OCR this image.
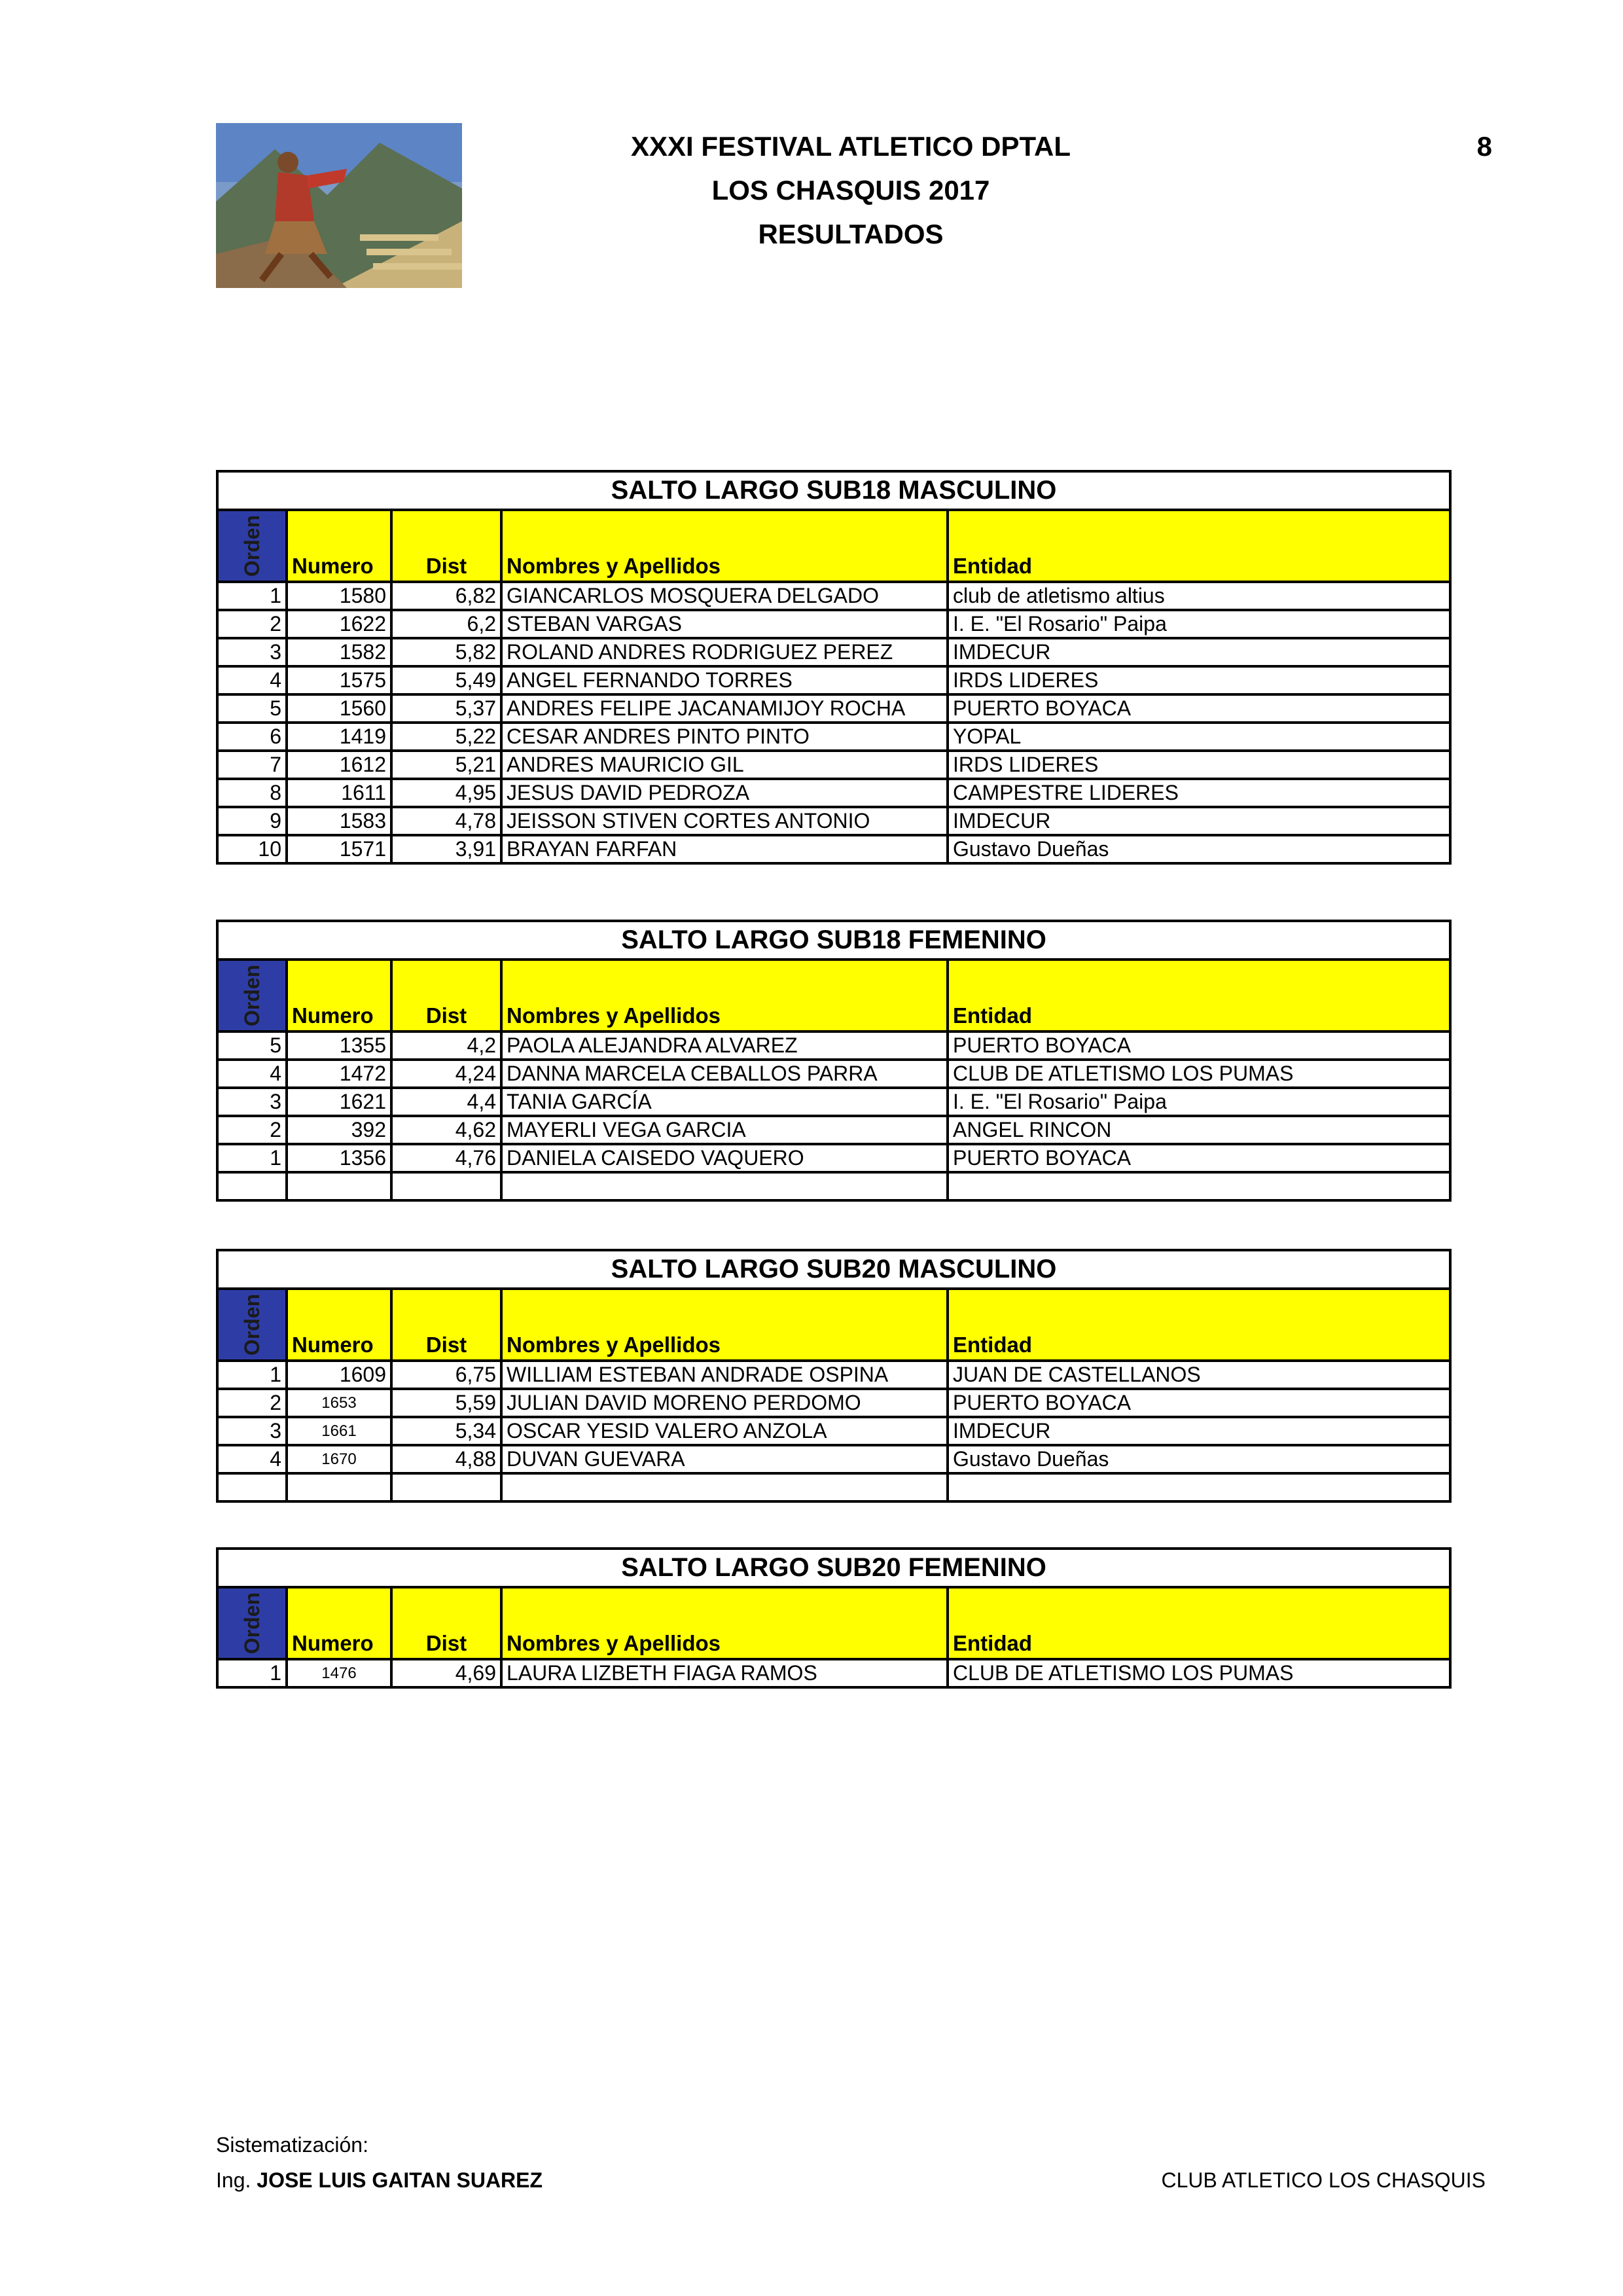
XXXI FESTIVAL ATLETICO DPTAL
LOS CHASQUIS 2017
RESULTADOS
8
SALTO LARGO SUB18 MASCULINO				
Orden	Numero	Dist	Nombres y Apellidos	Entidad
1	1580	6,82	GIANCARLOS MOSQUERA DELGADO	club de atletismo altius
2	1622	6,2	STEBAN VARGAS	I. E. "El Rosario" Paipa
3	1582	5,82	ROLAND ANDRES RODRIGUEZ PEREZ	IMDECUR
4	1575	5,49	ANGEL FERNANDO TORRES	IRDS LIDERES
5	1560	5,37	ANDRES FELIPE JACANAMIJOY ROCHA	PUERTO BOYACA
6	1419	5,22	CESAR ANDRES PINTO PINTO	YOPAL
7	1612	5,21	ANDRES MAURICIO GIL	IRDS LIDERES
8	1611	4,95	JESUS DAVID PEDROZA	CAMPESTRE LIDERES
9	1583	4,78	JEISSON STIVEN CORTES ANTONIO	IMDECUR
10	1571	3,91	BRAYAN FARFAN	Gustavo Dueñas
SALTO LARGO SUB18 FEMENINO				
Orden	Numero	Dist	Nombres y Apellidos	Entidad
5	1355	4,2	PAOLA ALEJANDRA ALVAREZ	PUERTO BOYACA
4	1472	4,24	DANNA MARCELA CEBALLOS PARRA	CLUB DE ATLETISMO LOS PUMAS
3	1621	4,4	TANIA GARCÍA	I. E. "El Rosario" Paipa
2	392	4,62	MAYERLI VEGA GARCIA	ANGEL RINCON
1	1356	4,76	DANIELA CAISEDO VAQUERO	PUERTO BOYACA

SALTO LARGO SUB20 MASCULINO				
Orden	Numero	Dist	Nombres y Apellidos	Entidad
1	1609	6,75	WILLIAM ESTEBAN ANDRADE OSPINA	JUAN DE CASTELLANOS
2	1653	5,59	JULIAN DAVID MORENO PERDOMO	PUERTO BOYACA
3	1661	5,34	OSCAR YESID VALERO ANZOLA	IMDECUR
4	1670	4,88	DUVAN GUEVARA	Gustavo Dueñas

SALTO LARGO SUB20 FEMENINO				
Orden	Numero	Dist	Nombres y Apellidos	Entidad
1	1476	4,69	LAURA LIZBETH FIAGA RAMOS	CLUB DE ATLETISMO LOS PUMAS
Sistematización:
Ing. JOSE LUIS GAITAN SUAREZ	CLUB ATLETICO LOS CHASQUIS
